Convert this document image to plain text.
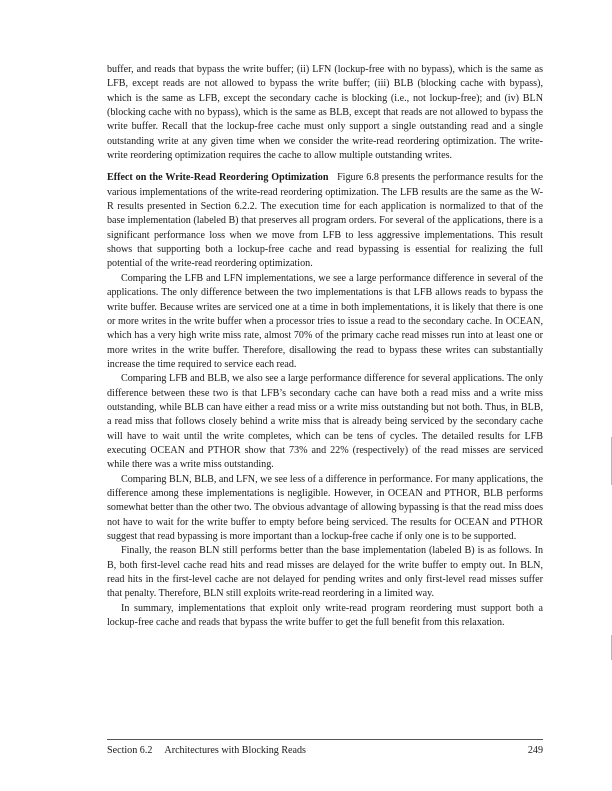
buffer, and reads that bypass the write buffer; (ii) LFN (lockup-free with no bypass), which is the same as LFB, except reads are not allowed to bypass the write buffer; (iii) BLB (blocking cache with bypass), which is the same as LFB, except the secondary cache is blocking (i.e., not lockup-free); and (iv) BLN (blocking cache with no bypass), which is the same as BLB, except that reads are not allowed to bypass the write buffer. Recall that the lockup-free cache must only support a single outstanding read and a single outstanding write at any given time when we consider the write-read reordering optimization. The write-write reordering optimization requires the cache to allow multiple outstanding writes.

Effect on the Write-Read Reordering Optimization Figure 6.8 presents the performance results for the various implementations of the write-read reordering optimization. The LFB results are the same as the W-R results presented in Section 6.2.2. The execution time for each application is normalized to that of the base implementation (labeled B) that preserves all program orders. For several of the applications, there is a significant performance loss when we move from LFB to less aggressive implementations. This result shows that supporting both a lockup-free cache and read bypassing is essential for realizing the full potential of the write-read reordering optimization.

Comparing the LFB and LFN implementations, we see a large performance difference in several of the applications. The only difference between the two implementations is that LFB allows reads to bypass the write buffer. Because writes are serviced one at a time in both implementations, it is likely that there is one or more writes in the write buffer when a processor tries to issue a read to the secondary cache. In OCEAN, which has a very high write miss rate, almost 70% of the primary cache read misses run into at least one or more writes in the write buffer. Therefore, disallowing the read to bypass these writes can substantially increase the time required to service each read.

Comparing LFB and BLB, we also see a large performance difference for several applications. The only difference between these two is that LFB’s secondary cache can have both a read miss and a write miss outstanding, while BLB can have either a read miss or a write miss outstanding but not both. Thus, in BLB, a read miss that follows closely behind a write miss that is already being serviced by the secondary cache will have to wait until the write completes, which can be tens of cycles. The detailed results for LFB executing OCEAN and PTHOR show that 73% and 22% (respectively) of the read misses are serviced while there was a write miss outstanding.

Comparing BLN, BLB, and LFN, we see less of a difference in performance. For many applications, the difference among these implementations is negligible. However, in OCEAN and PTHOR, BLB performs somewhat better than the other two. The obvious advantage of allowing bypassing is that the read miss does not have to wait for the write buffer to empty before being serviced. The results for OCEAN and PTHOR suggest that read bypassing is more important than a lockup-free cache if only one is to be supported.

Finally, the reason BLN still performs better than the base implementation (labeled B) is as follows. In B, both first-level cache read hits and read misses are delayed for the write buffer to empty out. In BLN, read hits in the first-level cache are not delayed for pending writes and only first-level read misses suffer that penalty. Therefore, BLN still exploits write-read reordering in a limited way.

In summary, implementations that exploit only write-read program reordering must support both a lockup-free cache and reads that bypass the write buffer to get the full benefit from this relaxation.

Section 6.2 Architectures with Blocking Reads	249
